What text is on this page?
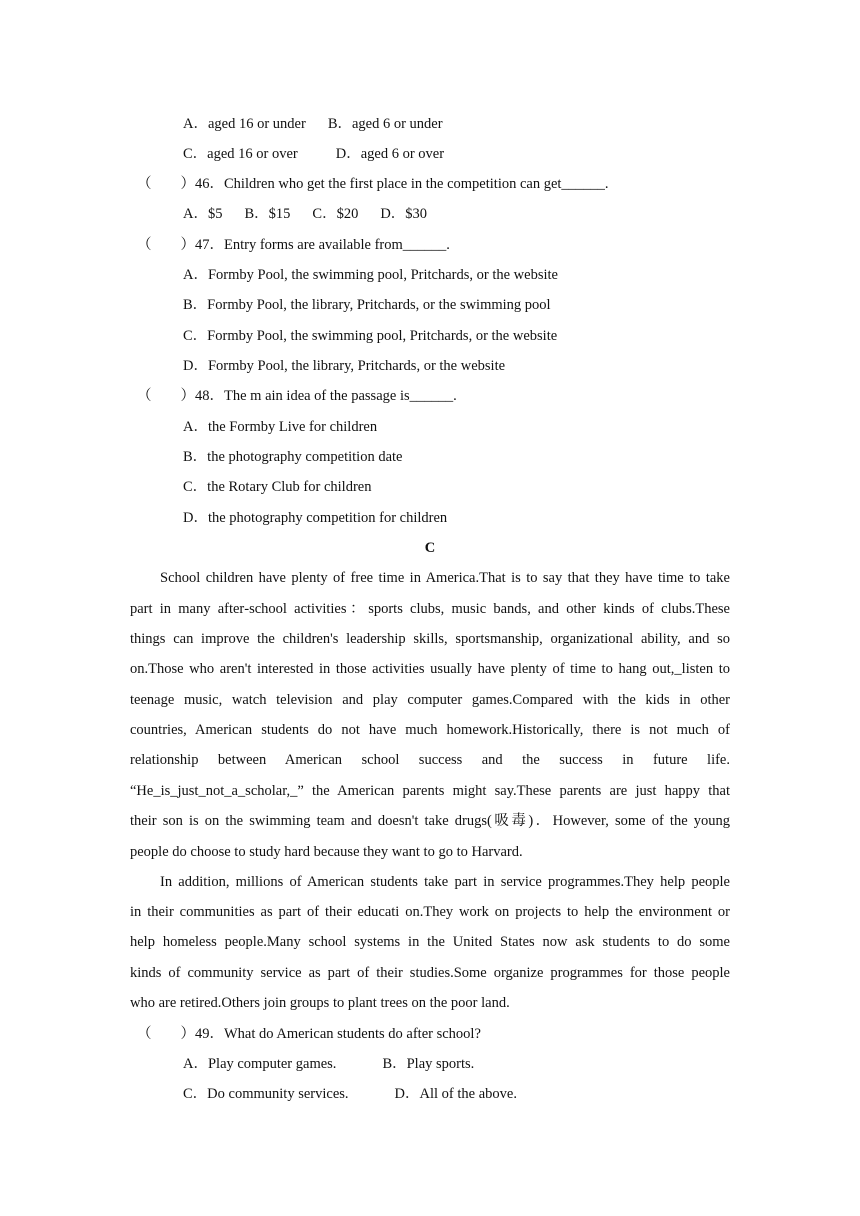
A．aged 16 or under B．aged 6 or under
C．aged 16 or over	D．aged 6 or over
（　　）46．Children who get the first place in the competition can get______.
A．$5 B．$15 C．$20 D．$30
（　　）47．Entry forms are available from______.
A．Formby Pool, the swimming pool, Pritchards, or the website
B．Formby Pool, the library, Pritchards, or the swimming pool
C．Formby Pool, the swimming pool, Pritchards, or the website
D．Formby Pool, the library, Pritchards, or the website
（　　）48．The m ain idea of the passage is______.
A．the Formby Live for children
B．the photography competition date
C．the Rotary Club for children
D．the photography competition for children
C
School children have plenty of free time in America.That is to say that they have time to take
part in many after‐school activities：sports clubs, music bands, and other kinds of clubs.These
things can improve the children's leadership skills, sportsmanship, organizational ability, and so
on.Those who aren't interested in those activities usually have plenty of time to hang out,_listen to
teenage music, watch television and play computer games.Compared with the kids in other
countries, American students do not have much homework.Historically, there is not much of
relationship between American school success and the success in future life.
“He_is_just_not_a_scholar,_” the American parents might say.These parents are just happy that
their son is on the swimming team and doesn't take drugs(吸毒)．However, some of the young
people do choose to study hard because they want to go to Harvard.
In addition, millions of American students take part in service programmes.They help people
in their communities as part of their educati on.They work on projects to help the environment or
help homeless people.Many school systems in the United States now ask students to do some
kinds of community service as part of their studies.Some organize programmes for those people
who are retired.Others join groups to plant trees on the poor land.
（　　）49．What do American students do after school?
A．Play computer games.	B．Play sports.
C．Do community services.	D．All of the above.
